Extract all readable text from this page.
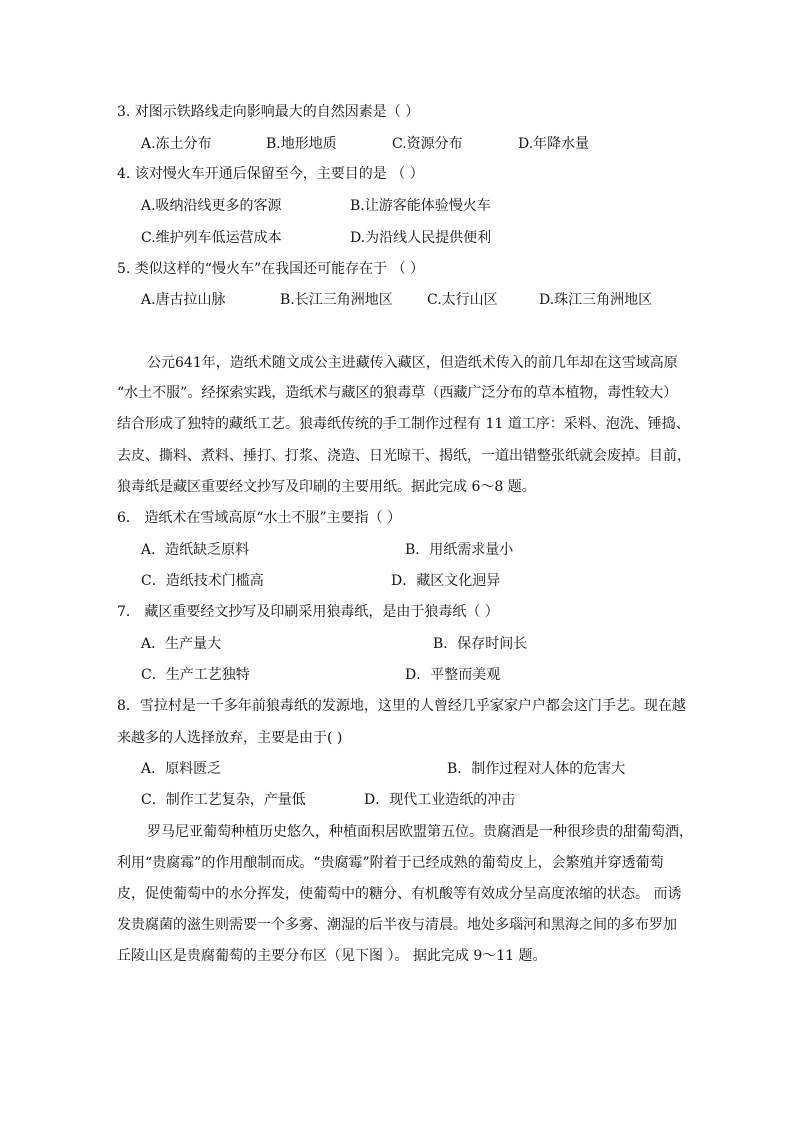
3. 对图示铁路线走向影响最大的自然因素是（ ）
A.冻土分布	B.地形地质	C.资源分布	D.年降水量
4. 该对慢火车开通后保留至今，主要目的是 （ ）
A.吸纳沿线更多的客源	B.让游客能体验慢火车
C.维护列车低运营成本	D.为沿线人民提供便利
5. 类似这样的“慢火车”在我国还可能存在于 （ ）
A.唐古拉山脉	B.长江三角洲地区 C.太行山区	D.珠江三角洲地区
公元641年，造纸术随文成公主进藏传入藏区，但造纸术传入的前几年却在这雪域高原
“水土不服”。经探索实践，造纸术与藏区的狼毒草（西藏广泛分布的草本植物，毒性较大）
结合形成了独特的藏纸工艺。狼毒纸传统的手工制作过程有 11 道工序：采料、泡洗、锤捣、
去皮、撕料、煮料、捶打、打浆、浇造、日光晾干、揭纸，一道出错整张纸就会废掉。目前，
狼毒纸是藏区重要经文抄写及印刷的主要用纸。据此完成 6～8 题。
6． 造纸术在雪域高原“水土不服”主要指（ ）
A．造纸缺乏原料	B．用纸需求量小
C．造纸技术门槛高	D．藏区文化迥异
7． 藏区重要经文抄写及印刷采用狼毒纸，是由于狼毒纸（ ）
A．生产量大	B．保存时间长
C．生产工艺独特	D．平整而美观
8．雪拉村是一千多年前狼毒纸的发源地，这里的人曾经几乎家家户户都会这门手艺。现在越
来越多的人选择放弃，主要是由于( )
A．原料匮乏	B．制作过程对人体的危害大
C．制作工艺复杂，产量低	D．现代工业造纸的冲击
罗马尼亚葡萄种植历史悠久，种植面积居欧盟第五位。贵腐酒是一种很珍贵的甜葡萄酒，
利用“贵腐霉”的作用酿制而成。“贵腐霉”附着于已经成熟的葡萄皮上，会繁殖并穿透葡萄
皮，促使葡萄中的水分挥发，使葡萄中的糖分、有机酸等有效成分呈高度浓缩的状态。 而诱
发贵腐菌的滋生则需要一个多雾、潮湿的后半夜与清晨。地处多瑙河和黑海之间的多布罗加
丘陵山区是贵腐葡萄的主要分布区（见下图 ）。 据此完成 9～11 题。
